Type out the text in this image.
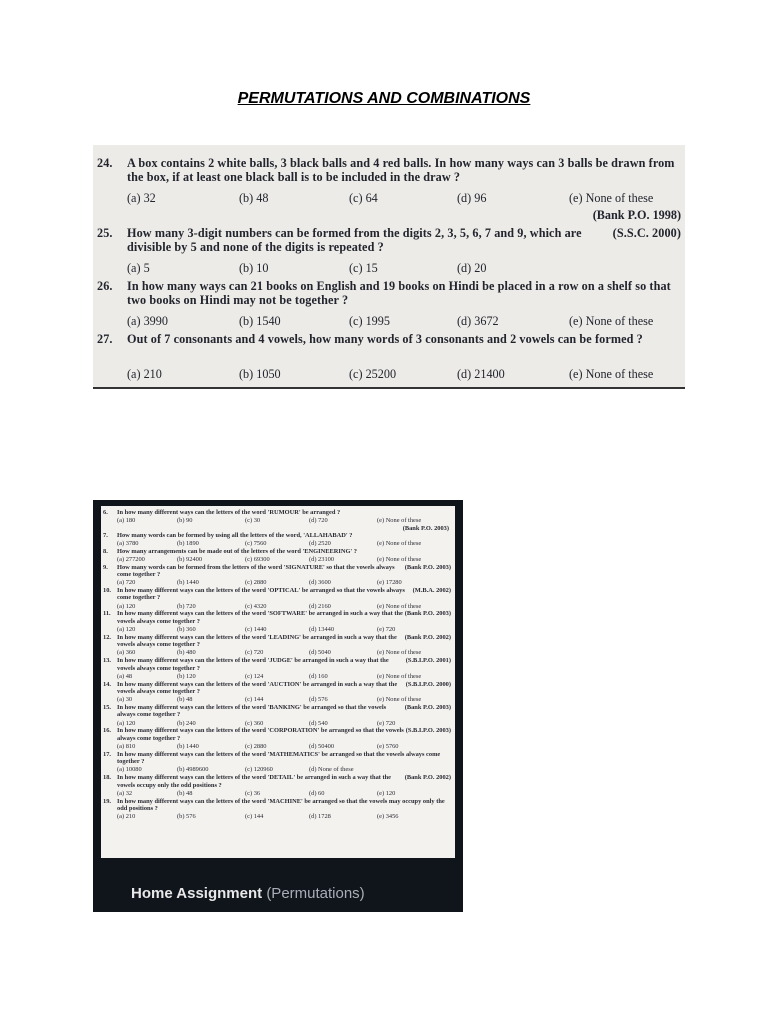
PERMUTATIONS AND COMBINATIONS
24. A box contains 2 white balls, 3 black balls and 4 red balls. In how many ways can 3 balls be drawn from the box, if at least one black ball is to be included in the draw ?
(a) 32	(b) 48	(c) 64	(d) 96	(e) None of these
(Bank P.O. 1998)
25.	(S.S.C. 2000)
How many 3-digit numbers can be formed from the digits 2, 3, 5, 6, 7 and 9, which are divisible by 5 and none of the digits is repeated ?
(a) 5	(b) 10	(c) 15	(d) 20
26. In how many ways can 21 books on English and 19 books on Hindi be placed in a row on a shelf so that two books on Hindi may not be together ?
(a) 3990	(b) 1540	(c) 1995	(d) 3672	(e) None of these
27. Out of 7 consonants and 4 vowels, how many words of 3 consonants and 2 vowels can be formed ?
(a) 210	(b) 1050	(c) 25200	(d) 21400	(e) None of these
6. In how many different ways can the letters of the word 'RUMOUR' be arranged ?
(a) 180	(b) 90	(c) 30	(d) 720	(e) None of these
(Bank P.O. 2003)
7. How many words can be formed by using all the letters of the word, 'ALLAHABAD' ?
(a) 3780	(b) 1890	(c) 7560	(d) 2520	(e) None of these
8. How many arrangements can be made out of the letters of the word 'ENGINEERING' ?
(a) 277200	(b) 92400	(c) 69300	(d) 23100	(e) None of these
9.	(Bank P.O. 2003)
How many words can be formed from the letters of the word 'SIGNATURE' so that the vowels always come together ?
(a) 720	(b) 1440	(c) 2880	(d) 3600	(e) 17280
10.	(M.B.A. 2002)
In how many different ways can the letters of the word 'OPTICAL' be arranged so that the vowels always come together ?
(a) 120	(b) 720	(c) 4320	(d) 2160	(e) None of these
11.	(Bank P.O. 2003)
In how many different ways can the letters of the word 'SOFTWARE' be arranged in such a way that the vowels always come together ?
(a) 120	(b) 360	(c) 1440	(d) 13440	(e) 720
12.	(Bank P.O. 2002)
In how many different ways can the letters of the word 'LEADING' be arranged in such a way that the vowels always come together ?
(a) 360	(b) 480	(c) 720	(d) 5040	(e) None of these
13.	(S.B.I.P.O. 2001)
In how many different ways can the letters of the word 'JUDGE' be arranged in such a way that the vowels always come together ?
(a) 48	(b) 120	(c) 124	(d) 160	(e) None of these
14.	(S.B.I.P.O. 2000)
In how many different ways can the letters of the word 'AUCTION' be arranged in such a way that the vowels always come together ?
(a) 30	(b) 48	(c) 144	(d) 576	(e) None of these
15.	(Bank P.O. 2003)
In how many different ways can the letters of the word 'BANKING' be arranged so that the vowels always come together ?
(a) 120	(b) 240	(c) 360	(d) 540	(e) 720
16.	(S.B.I.P.O. 2003)
In how many different ways can the letters of the word 'CORPORATION' be arranged so that the vowels always come together ?
(a) 810	(b) 1440	(c) 2880	(d) 50400	(e) 5760
17. In how many different ways can the letters of the word 'MATHEMATICS' be arranged so that the vowels always come together ?
(a) 10080	(b) 4989600	(c) 120960	(d) None of these
18.	(Bank P.O. 2002)
In how many different ways can the letters of the word 'DETAIL' be arranged in such a way that the vowels occupy only the odd positions ?
(a) 32	(b) 48	(c) 36	(d) 60	(e) 120
19. In how many different ways can the letters of the word 'MACHINE' be arranged so that the vowels may occupy only the odd positions ?
(a) 210	(b) 576	(c) 144	(d) 1728	(e) 3456
Home Assignment (Permutations)
